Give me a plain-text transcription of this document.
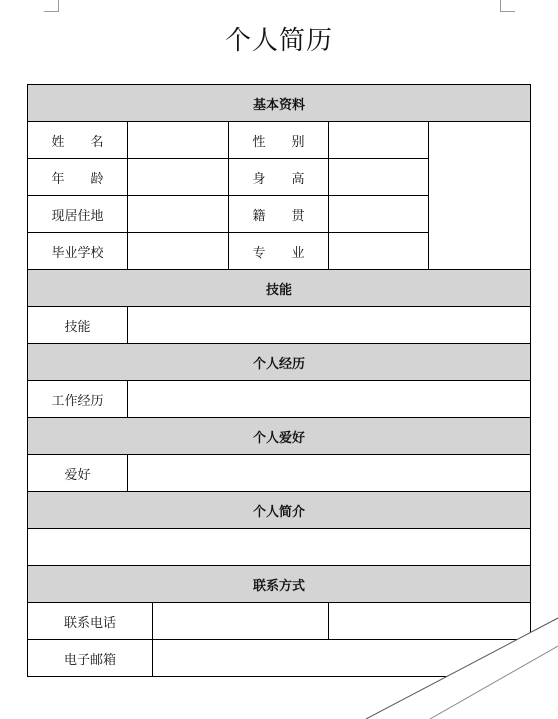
个人简历
基本资料					
姓　　名			性　　别		
年　　龄			身　　高		
现居住地			籍　　贯		
毕业学校			专　　业		
技能					
技能					
个人经历					
工作经历					
个人爱好					
爱好					
个人简介					

联系方式					
联系电话					
电子邮箱					
